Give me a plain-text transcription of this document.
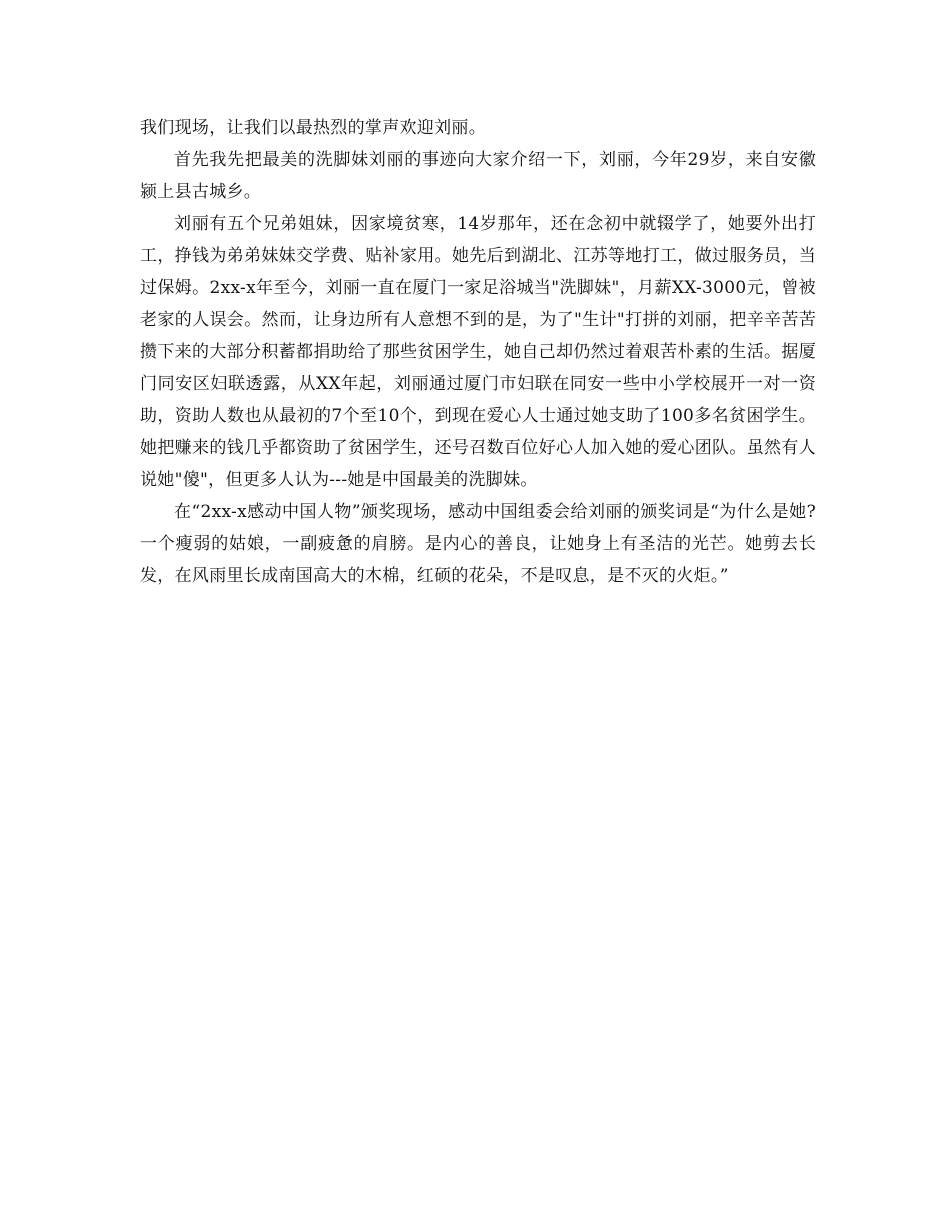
我们现场，让我们以最热烈的掌声欢迎刘丽。

首先我先把最美的洗脚妹刘丽的事迹向大家介绍一下，刘丽，今年29岁，来自安徽颍上县古城乡。

刘丽有五个兄弟姐妹，因家境贫寒，14岁那年，还在念初中就辍学了，她要外出打工，挣钱为弟弟妹妹交学费、贴补家用。她先后到湖北、江苏等地打工，做过服务员，当过保姆。2xx-x年至今，刘丽一直在厦门一家足浴城当"洗脚妹"，月薪XX-3000元，曾被老家的人误会。然而，让身边所有人意想不到的是，为了"生计"打拼的刘丽，把辛辛苦苦攒下来的大部分积蓄都捐助给了那些贫困学生，她自己却仍然过着艰苦朴素的生活。据厦门同安区妇联透露，从XX年起，刘丽通过厦门市妇联在同安一些中小学校展开一对一资助，资助人数也从最初的7个至10个，到现在爱心人士通过她支助了100多名贫困学生。 她把赚来的钱几乎都资助了贫困学生，还号召数百位好心人加入她的爱心团队。虽然有人说她"傻"，但更多人认为---她是中国最美的洗脚妹。

在“2xx-x感动中国人物”颁奖现场，感动中国组委会给刘丽的颁奖词是“为什么是她?一个瘦弱的姑娘，一副疲惫的肩膀。是内心的善良，让她身上有圣洁的光芒。她剪去长发，在风雨里长成南国高大的木棉，红硕的花朵，不是叹息，是不灭的火炬。”
